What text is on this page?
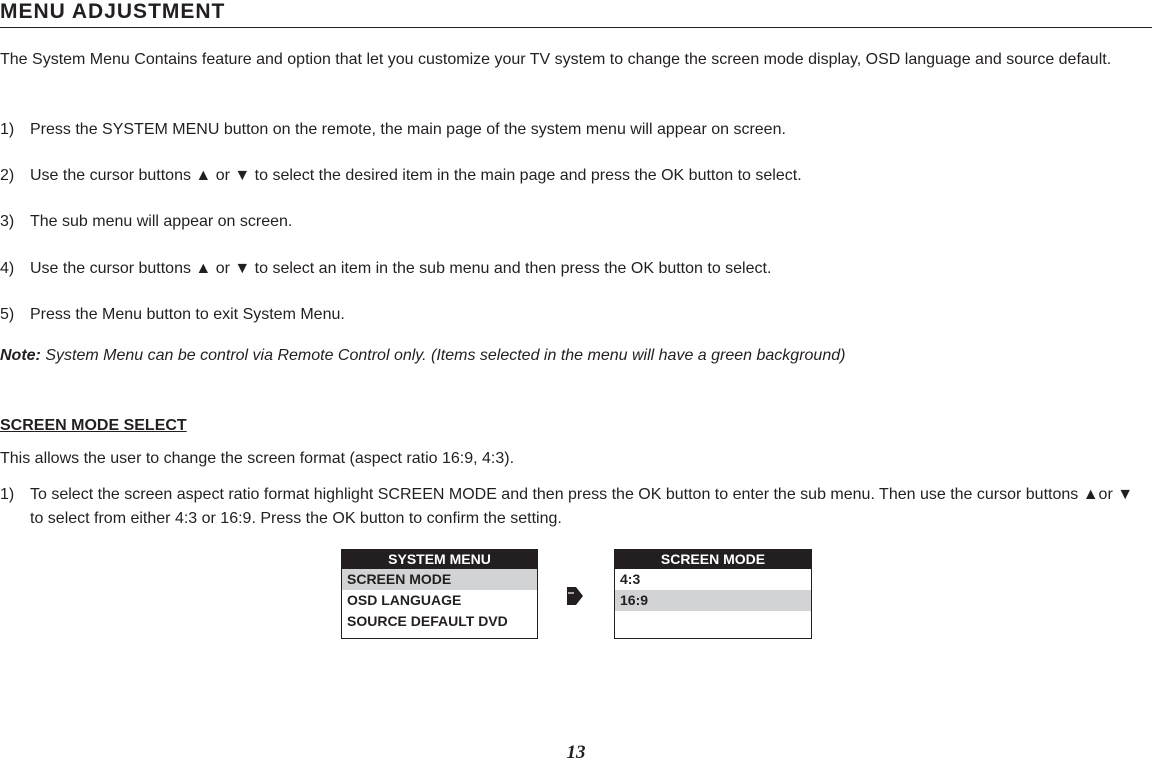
MENU ADJUSTMENT
The System Menu Contains feature and option that let you customize your TV system to change the screen mode display, OSD language and source default.
1) Press the SYSTEM MENU button on the remote, the main page of the system menu will appear on screen.
2) Use the cursor buttons ▲ or ▼ to select the desired item in the main page and press the OK button to select.
3) The sub menu will appear on screen.
4) Use the cursor buttons ▲ or ▼ to select an item in the sub menu and then press the OK button to select.
5) Press the Menu button to exit System Menu.
Note: System Menu can be control via Remote Control only. (Items selected in the menu will have a green background)
SCREEN MODE SELECT
This allows the user to change the screen format (aspect ratio 16:9, 4:3).
1) To select the screen aspect ratio format highlight SCREEN MODE and then press the OK button to enter the sub menu. Then use the cursor buttons ▲or ▼ to select from either 4:3 or 16:9. Press the OK button to confirm the setting.
SYSTEM MENU
SCREEN MODE
OSD LANGUAGE
SOURCE DEFAULT DVD
SCREEN MODE
4:3
16:9
13
